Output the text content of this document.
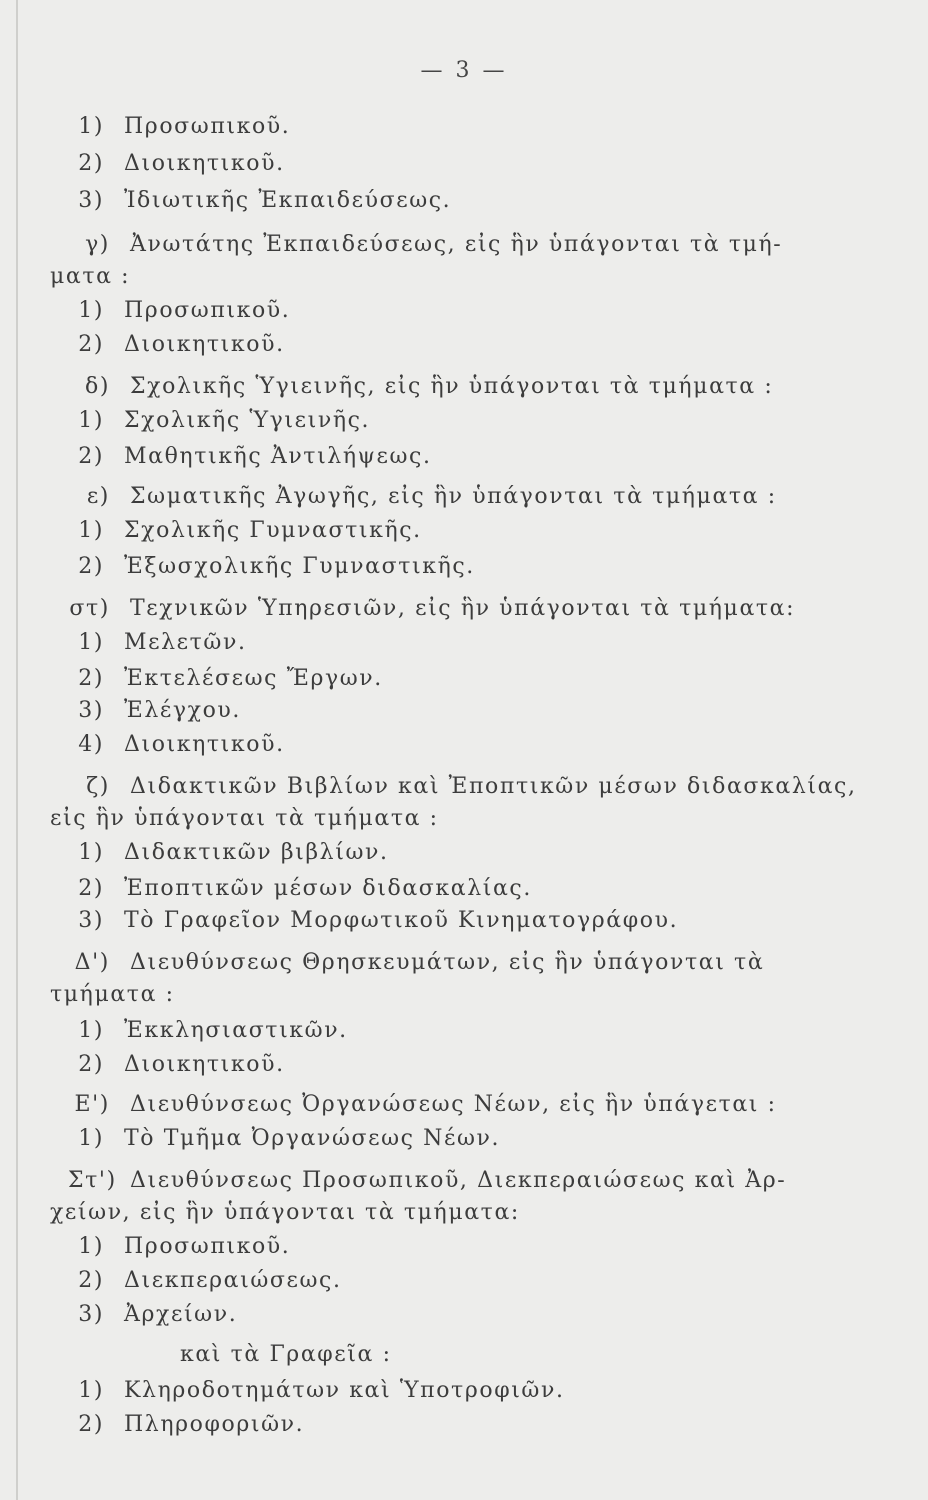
— 3 —
1) Προσωπικοῦ.
2) Διοικητικοῦ.
3) Ἰδιωτικῆς Ἐκπαιδεύσεως.
γ) Ἀνωτάτης Ἐκπαιδεύσεως, εἰς ἣν ὑπάγονται τὰ τμή-
ματα :
1) Προσωπικοῦ.
2) Διοικητικοῦ.
δ) Σχολικῆς Ὑγιεινῆς, εἰς ἣν ὑπάγονται τὰ τμήματα :
1) Σχολικῆς Ὑγιεινῆς.
2) Μαθητικῆς Ἀντιλήψεως.
ε) Σωματικῆς Ἀγωγῆς, εἰς ἣν ὑπάγονται τὰ τμήματα :
1) Σχολικῆς Γυμναστικῆς.
2) Ἐξωσχολικῆς Γυμναστικῆς.
στ) Τεχνικῶν Ὑπηρεσιῶν, εἰς ἣν ὑπάγονται τὰ τμήματα:
1) Μελετῶν.
2) Ἐκτελέσεως Ἔργων.
3) Ἐλέγχου.
4) Διοικητικοῦ.
ζ) Διδακτικῶν Βιβλίων καὶ Ἐποπτικῶν μέσων διδασκαλίας,
εἰς ἣν ὑπάγονται τὰ τμήματα :
1) Διδακτικῶν βιβλίων.
2) Ἐποπτικῶν μέσων διδασκαλίας.
3) Τὸ Γραφεῖον Μορφωτικοῦ Κινηματογράφου.
Δ') Διευθύνσεως Θρησκευμάτων, εἰς ἣν ὑπάγονται τὰ
τμήματα :
1) Ἐκκλησιαστικῶν.
2) Διοικητικοῦ.
Ε') Διευθύνσεως Ὀργανώσεως Νέων, εἰς ἣν ὑπάγεται :
1) Τὸ Τμῆμα Ὀργανώσεως Νέων.
Στ') Διευθύνσεως Προσωπικοῦ, Διεκπεραιώσεως καὶ Ἀρ-
χείων, εἰς ἣν ὑπάγονται τὰ τμήματα:
1) Προσωπικοῦ.
2) Διεκπεραιώσεως.
3) Ἀρχείων.
καὶ τὰ Γραφεῖα :
1) Κληροδοτημάτων καὶ Ὑποτροφιῶν.
2) Πληροφοριῶν.
